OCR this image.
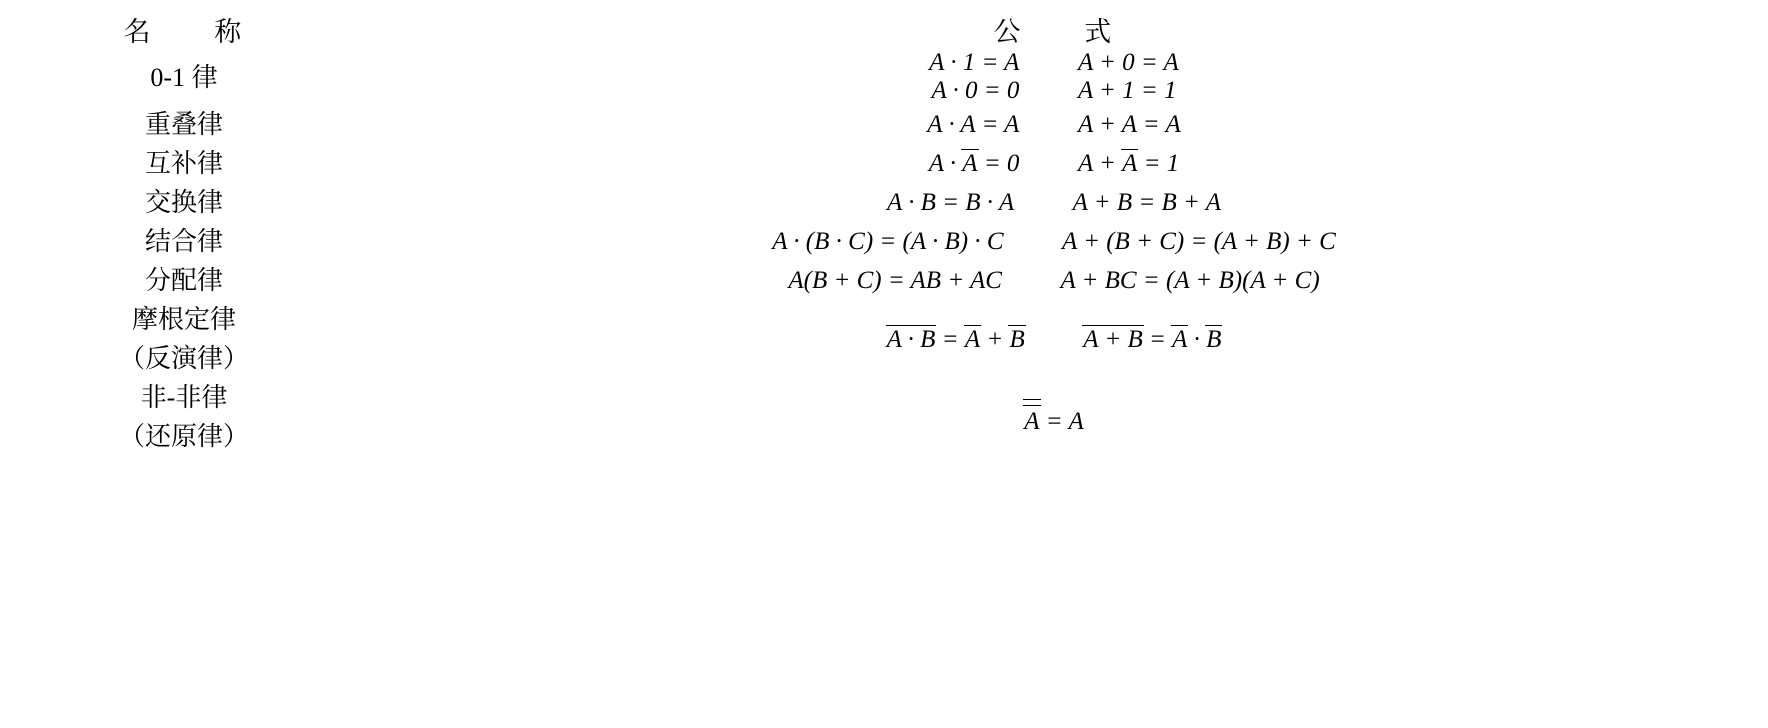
名　　称	公　　式
0-1 律	A · 1 = A A + 0 = A
	A · 0 = 0 A + 1 = 1
重叠律	A · A = A A + A = A
互补律	A · A = 0 A + A = 1
交换律	A · B = B · A A + B = B + A
结合律	A · (B · C) = (A · B) · C A + (B + C) = (A + B) + C
分配律	A(B + C) = AB + AC A + BC = (A + B)(A + C)
摩根定律
（反演律）	A · B = A + B A + B = A · B
非-非律
（还原律）	A = A
